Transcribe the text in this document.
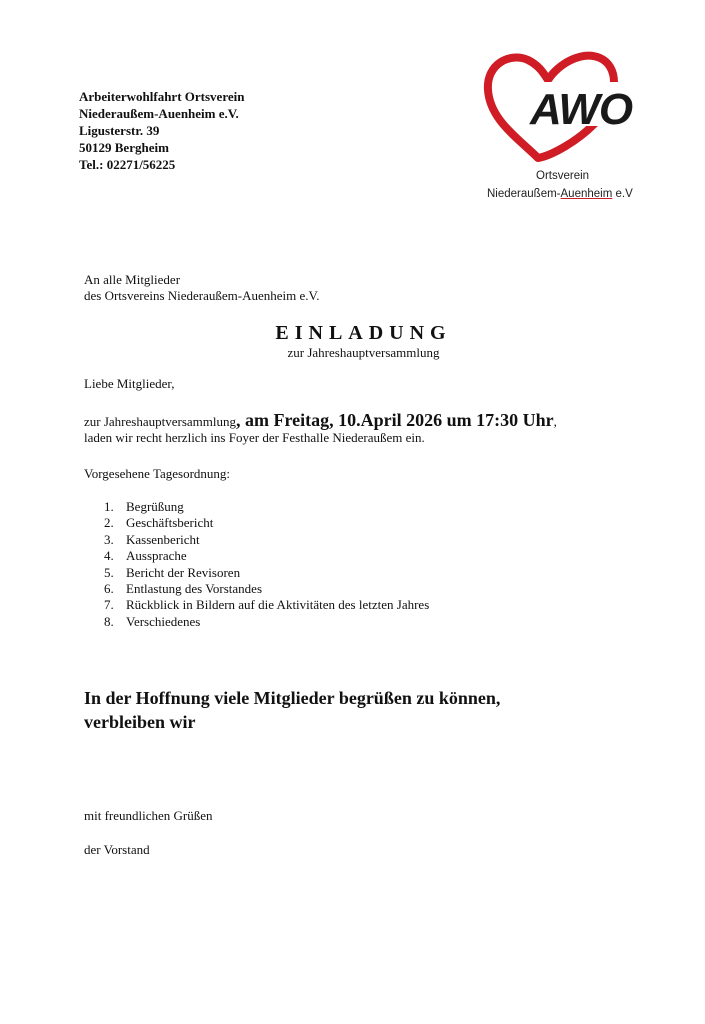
Arbeiterwohlfahrt Ortsverein
Niederaußem-Auenheim e.V.
Ligusterstr. 39
50129 Bergheim
Tel.: 02271/56225
AWO
Ortsverein
Niederaußem-Auenheim e.V
An alle Mitglieder
des Ortsvereins Niederaußem-Auenheim e.V.
EINLADUNG
zur Jahreshauptversammlung
Liebe Mitglieder,
zur Jahreshauptversammlung, am Freitag, 10.April 2026 um 17:30 Uhr,
laden wir recht herzlich ins Foyer der Festhalle Niederaußem ein.
Vorgesehene Tagesordnung:
1. Begrüßung
2. Geschäftsbericht
3. Kassenbericht
4. Aussprache
5. Bericht der Revisoren
6. Entlastung des Vorstandes
7. Rückblick in Bildern auf die Aktivitäten des letzten Jahres
8. Verschiedenes
In der Hoffnung viele Mitglieder begrüßen zu können,
verbleiben wir
mit freundlichen Grüßen
der Vorstand
